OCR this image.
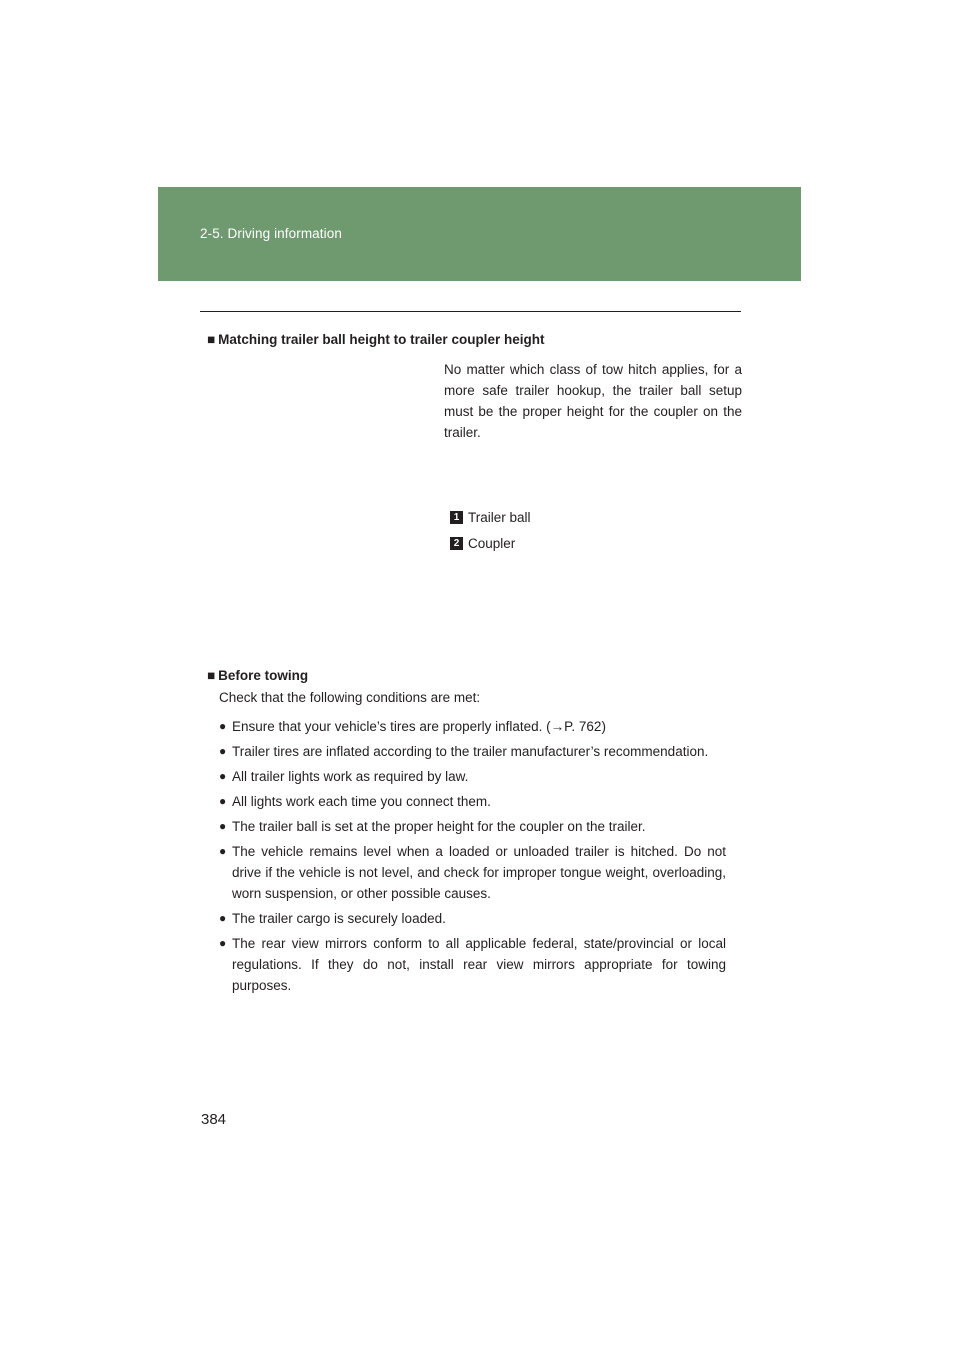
2-5. Driving information
■ Matching trailer ball height to trailer coupler height
No matter which class of tow hitch applies, for a more safe trailer hookup, the trailer ball setup must be the proper height for the coupler on the trailer.
1 Trailer ball
2 Coupler
■ Before towing
Check that the following conditions are met:
● Ensure that your vehicle’s tires are properly inflated. (→P. 762)
● Trailer tires are inflated according to the trailer manufacturer’s recommendation.
● All trailer lights work as required by law.
● All lights work each time you connect them.
● The trailer ball is set at the proper height for the coupler on the trailer.
● The vehicle remains level when a loaded or unloaded trailer is hitched. Do not drive if the vehicle is not level, and check for improper tongue weight, overloading, worn suspension, or other possible causes.
● The trailer cargo is securely loaded.
● The rear view mirrors conform to all applicable federal, state/provincial or local regulations. If they do not, install rear view mirrors appropriate for towing purposes.
384
